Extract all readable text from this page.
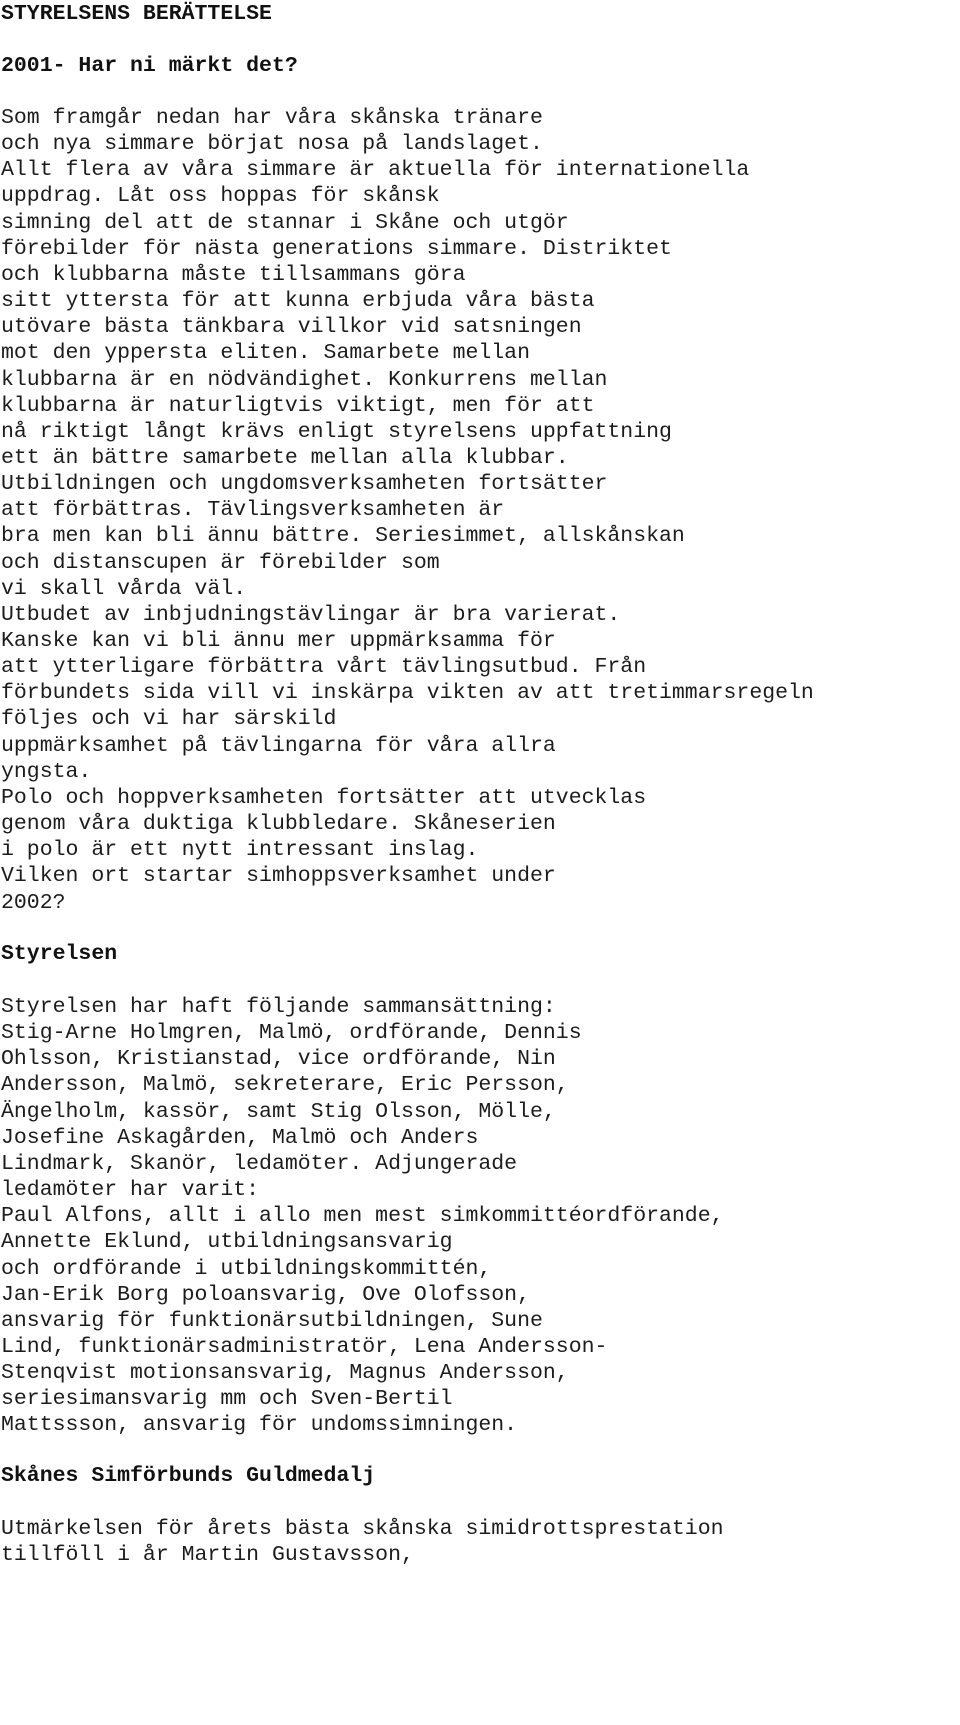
STYRELSENS BERÄTTELSE

2001- Har ni märkt det?

Som framgår nedan har våra skånska tränare
och nya simmare börjat nosa på landslaget.
Allt flera av våra simmare är aktuella för internationella
uppdrag. Låt oss hoppas för skånsk
simning del att de stannar i Skåne och utgör
förebilder för nästa generations simmare. Distriktet
och klubbarna måste tillsammans göra
sitt yttersta för att kunna erbjuda våra bästa
utövare bästa tänkbara villkor vid satsningen
mot den yppersta eliten. Samarbete mellan
klubbarna är en nödvändighet. Konkurrens mellan
klubbarna är naturligtvis viktigt, men för att
nå riktigt långt krävs enligt styrelsens uppfattning
ett än bättre samarbete mellan alla klubbar.
Utbildningen och ungdomsverksamheten fortsätter
att förbättras. Tävlingsverksamheten är
bra men kan bli ännu bättre. Seriesimmet, allskånskan
och distanscupen är förebilder som
vi skall vårda väl.
Utbudet av inbjudningstävlingar är bra varierat.
Kanske kan vi bli ännu mer uppmärksamma för
att ytterligare förbättra vårt tävlingsutbud. Från
förbundets sida vill vi inskärpa vikten av att tretimmarsregeln
följes och vi har särskild
uppmärksamhet på tävlingarna för våra allra
yngsta.
Polo och hoppverksamheten fortsätter att utvecklas
genom våra duktiga klubbledare. Skåneserien
i polo är ett nytt intressant inslag.
Vilken ort startar simhoppsverksamhet under
2002?

Styrelsen

Styrelsen har haft följande sammansättning:
Stig-Arne Holmgren, Malmö, ordförande, Dennis
Ohlsson, Kristianstad, vice ordförande, Nin
Andersson, Malmö, sekreterare, Eric Persson,
Ängelholm, kassör, samt Stig Olsson, Mölle,
Josefine Askagården, Malmö och Anders
Lindmark, Skanör, ledamöter. Adjungerade
ledamöter har varit:
Paul Alfons, allt i allo men mest simkommittéordförande,
Annette Eklund, utbildningsansvarig
och ordförande i utbildningskommittén,
Jan-Erik Borg poloansvarig, Ove Olofsson,
ansvarig för funktionärsutbildningen, Sune
Lind, funktionärsadministratör, Lena Andersson-
Stenqvist motionsansvarig, Magnus Andersson,
seriesimansvarig mm och Sven-Bertil
Mattssson, ansvarig för undomssimningen.

Skånes Simförbunds Guldmedalj

Utmärkelsen för årets bästa skånska simidrottsprestation
tillföll i år Martin Gustavsson,
